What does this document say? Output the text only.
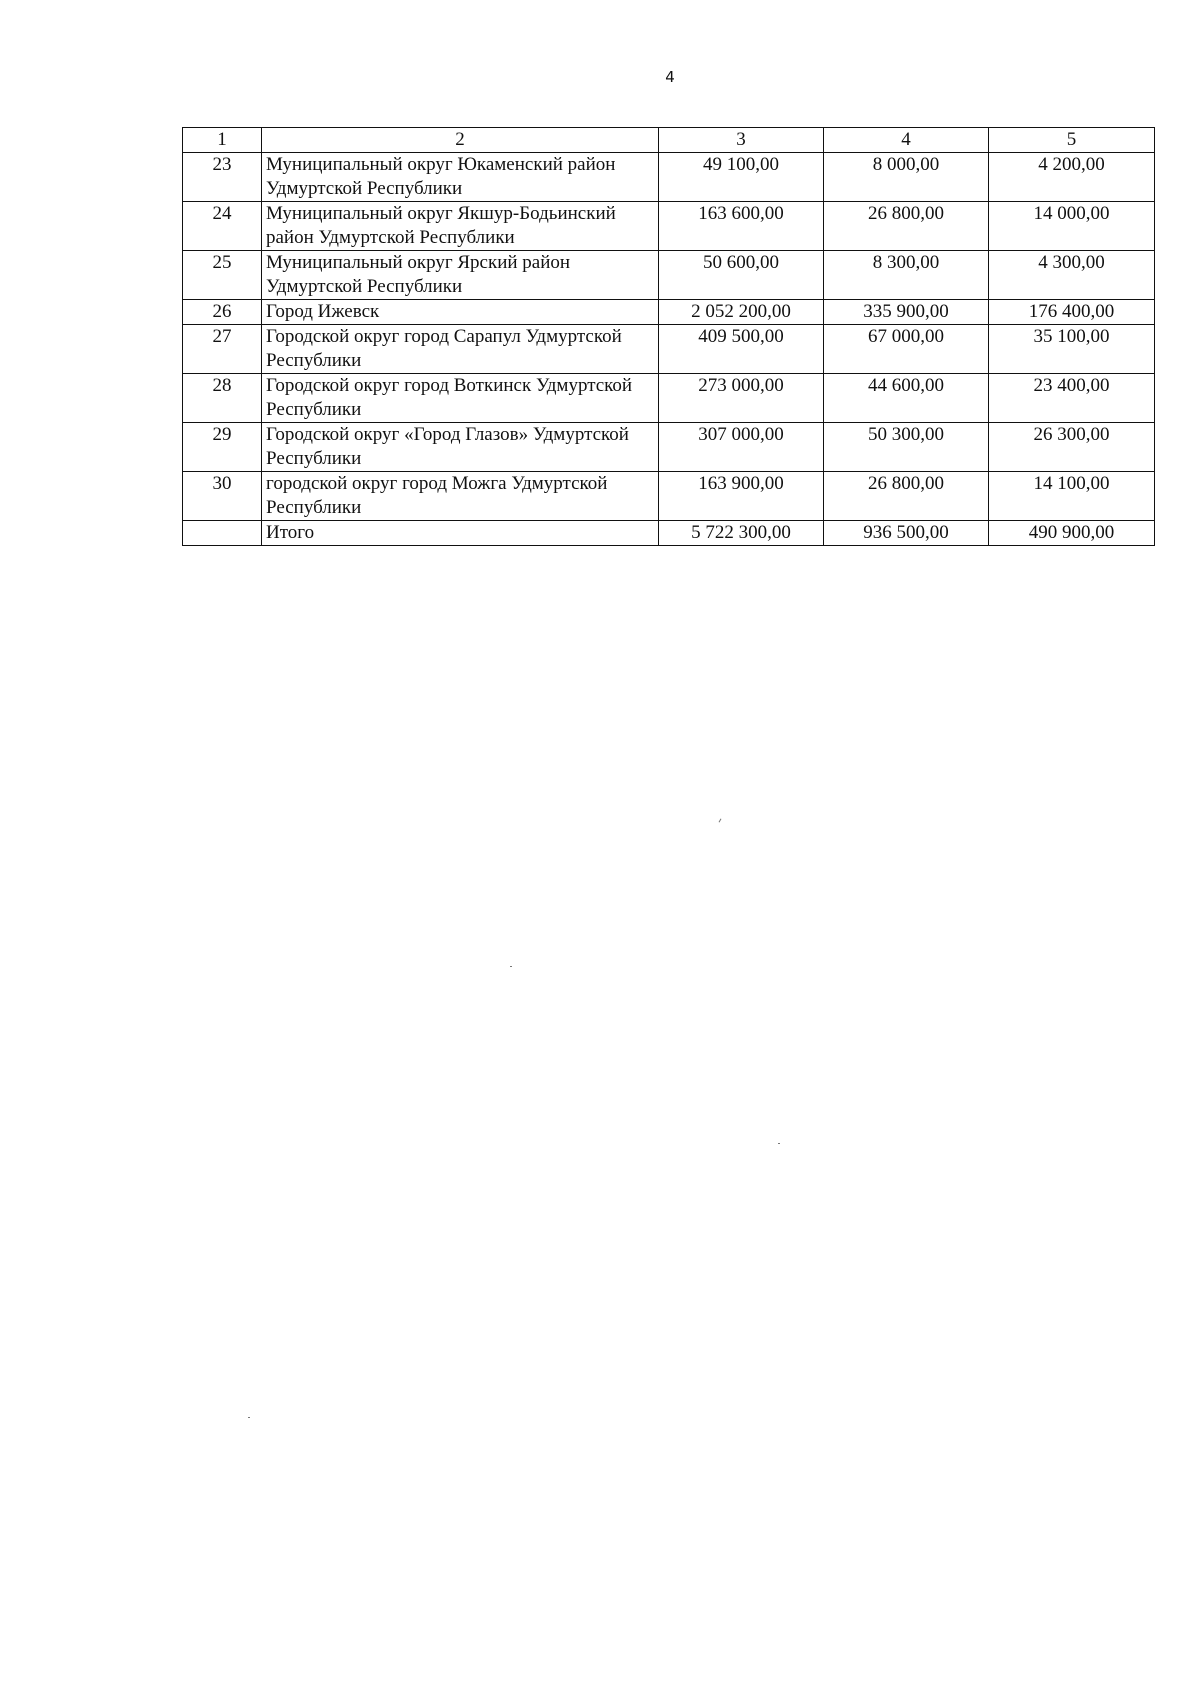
4
1	2	3	4	5
23	Муниципальный округ Юкаменский район Удмуртской Республики	49 100,00	8 000,00	4 200,00
24	Муниципальный округ Якшур-Бодьинский район Удмуртской Республики	163 600,00	26 800,00	14 000,00
25	Муниципальный округ Ярский район Удмуртской Республики	50 600,00	8 300,00	4 300,00
26	Город Ижевск	2 052 200,00	335 900,00	176 400,00
27	Городской округ город Сарапул Удмуртской Республики	409 500,00	67 000,00	35 100,00
28	Городской округ город Воткинск Удмуртской Республики	273 000,00	44 600,00	23 400,00
29	Городской округ «Город Глазов» Удмуртской Республики	307 000,00	50 300,00	26 300,00
30	городской округ город Можга Удмуртской Республики	163 900,00	26 800,00	14 100,00
	Итого	5 722 300,00	936 500,00	490 900,00
